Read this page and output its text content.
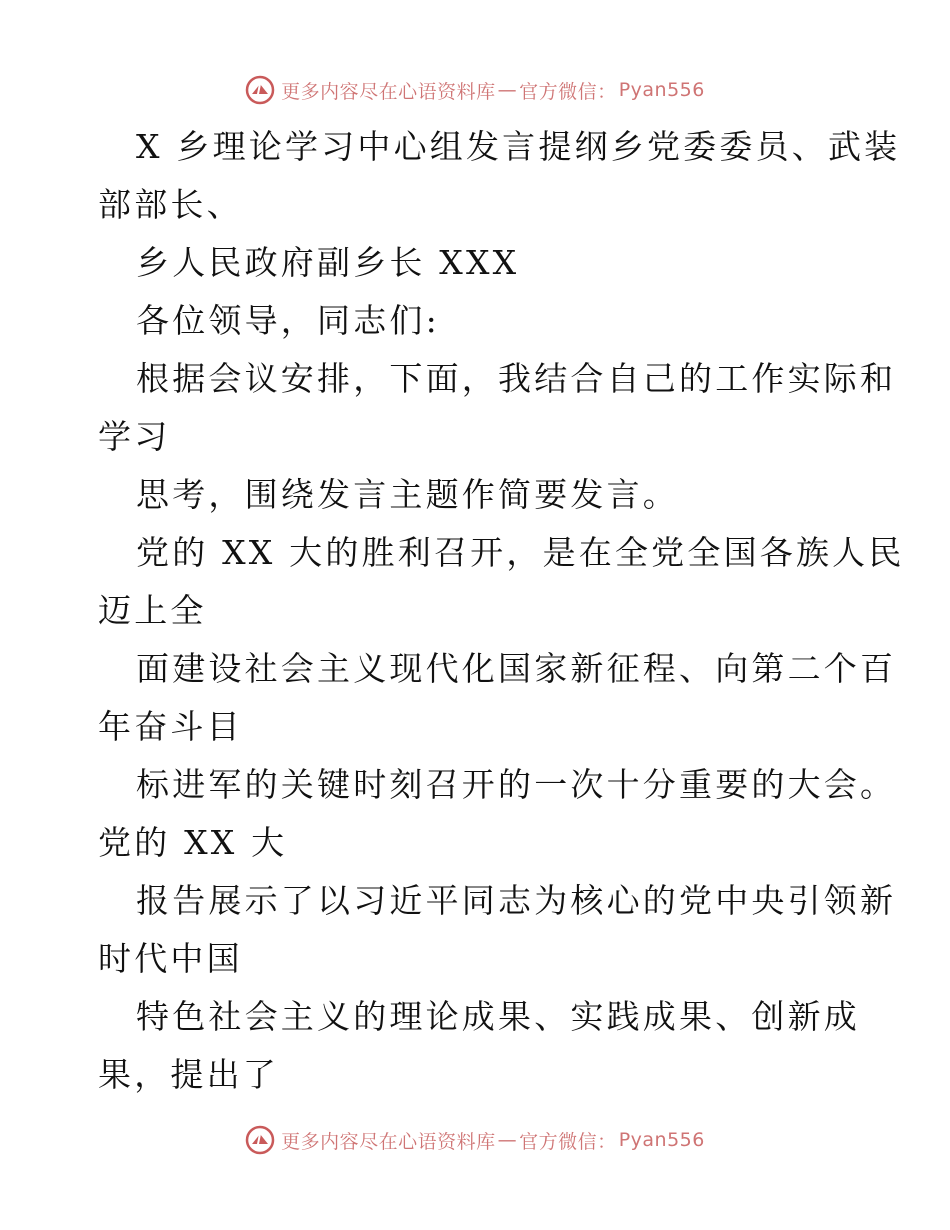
更多内容尽在心语资料库 — 官方微信： Pyan556
X 乡理论学习中心组发言提纲乡党委委员、武装
部部长、
乡人民政府副乡长 XXX
各位领导，同志们:
根据会议安排，下面，我结合自己的工作实际和
学习
思考，围绕发言主题作简要发言。
党的 XX 大的胜利召开，是在全党全国各族人民
迈上全
面建设社会主义现代化国家新征程、向第二个百
年奋斗目
标进军的关键时刻召开的一次十分重要的大会。
党的 XX 大
报告展示了以习近平同志为核心的党中央引领新
时代中国
特色社会主义的理论成果、实践成果、创新成
果，提出了
更多内容尽在心语资料库 — 官方微信： Pyan556
